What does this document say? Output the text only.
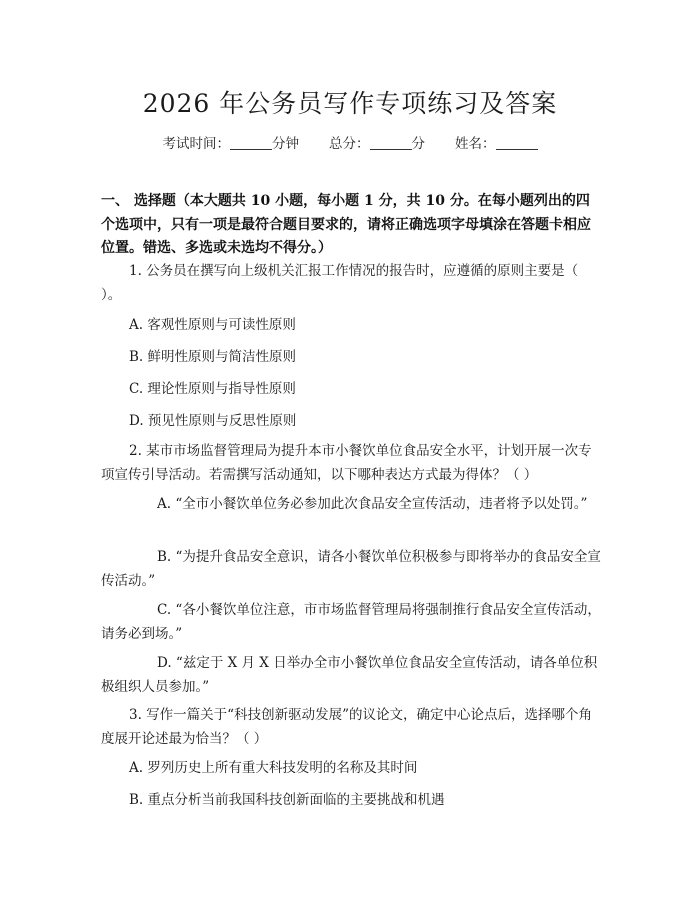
2026 年公务员写作专项练习及答案
考试时间：	分钟 总分：	分 姓名：
一、 选择题（本大题共 10 小题，每小题 1 分，共 10 分。在每小题列出的四个选项中，只有一项是最符合题目要求的，请将正确选项字母填涂在答题卡相应位置。错选、多选或未选均不得分。）
1. 公务员在撰写向上级机关汇报工作情况的报告时，应遵循的原则主要是（ ）。
A. 客观性原则与可读性原则
B. 鲜明性原则与简洁性原则
C. 理论性原则与指导性原则
D. 预见性原则与反思性原则
2. 某市市场监督管理局为提升本市小餐饮单位食品安全水平，计划开展一次专项宣传引导活动。若需撰写活动通知，以下哪种表达方式最为得体？（ ）
A. “全市小餐饮单位务必参加此次食品安全宣传活动，违者将予以处罚。”
B. “为提升食品安全意识，请各小餐饮单位积极参与即将举办的食品安全宣传活动。”
C. “各小餐饮单位注意，市市场监督管理局将强制推行食品安全宣传活动，请务必到场。”
D. “兹定于 X 月 X 日举办全市小餐饮单位食品安全宣传活动，请各单位积极组织人员参加。”
3. 写作一篇关于“科技创新驱动发展”的议论文，确定中心论点后，选择哪个角度展开论述最为恰当？（ ）
A. 罗列历史上所有重大科技发明的名称及其时间
B. 重点分析当前我国科技创新面临的主要挑战和机遇
